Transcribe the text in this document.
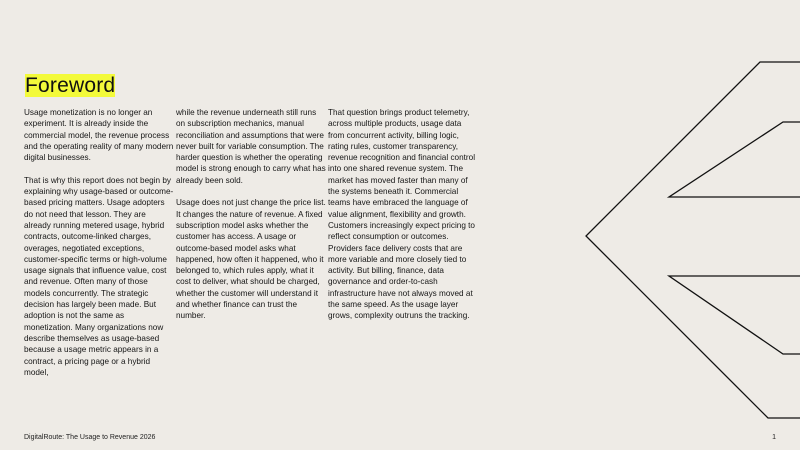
Foreword

Usage monetization is no longer an experiment. It is already inside the commercial model, the revenue process and the operating reality of many modern digital businesses.

That is why this report does not begin by explaining why usage-based or outcome-based pricing matters. Usage adopters do not need that lesson. They are already running metered usage, hybrid contracts, outcome-linked charges, overages, negotiated exceptions, customer-specific terms or high-volume usage signals that influence value, cost and revenue. Often many of those models concurrently. The strategic decision has largely been made. But adoption is not the same as monetization. Many organizations now describe themselves as usage-based because a usage metric appears in a contract, a pricing page or a hybrid model,

while the revenue underneath still runs on subscription mechanics, manual reconciliation and assumptions that were never built for variable consumption. The harder question is whether the operating model is strong enough to carry what has already been sold.

Usage does not just change the price list. It changes the nature of revenue. A fixed subscription model asks whether the customer has access. A usage or outcome-based model asks what happened, how often it happened, who it belonged to, which rules apply, what it cost to deliver, what should be charged, whether the customer will understand it and whether finance can trust the number.

That question brings product telemetry, across multiple products, usage data from concurrent activity, billing logic, rating rules, customer transparency, revenue recognition and financial control into one shared revenue system. The market has moved faster than many of the systems beneath it. Commercial teams have embraced the language of value alignment, flexibility and growth. Customers increasingly expect pricing to reflect consumption or outcomes. Providers face delivery costs that are more variable and more closely tied to activity. But billing, finance, data governance and order-to-cash infrastructure have not always moved at the same speed. As the usage layer grows, complexity outruns the tracking.

DigitalRoute: The Usage to Revenue 2026	1
